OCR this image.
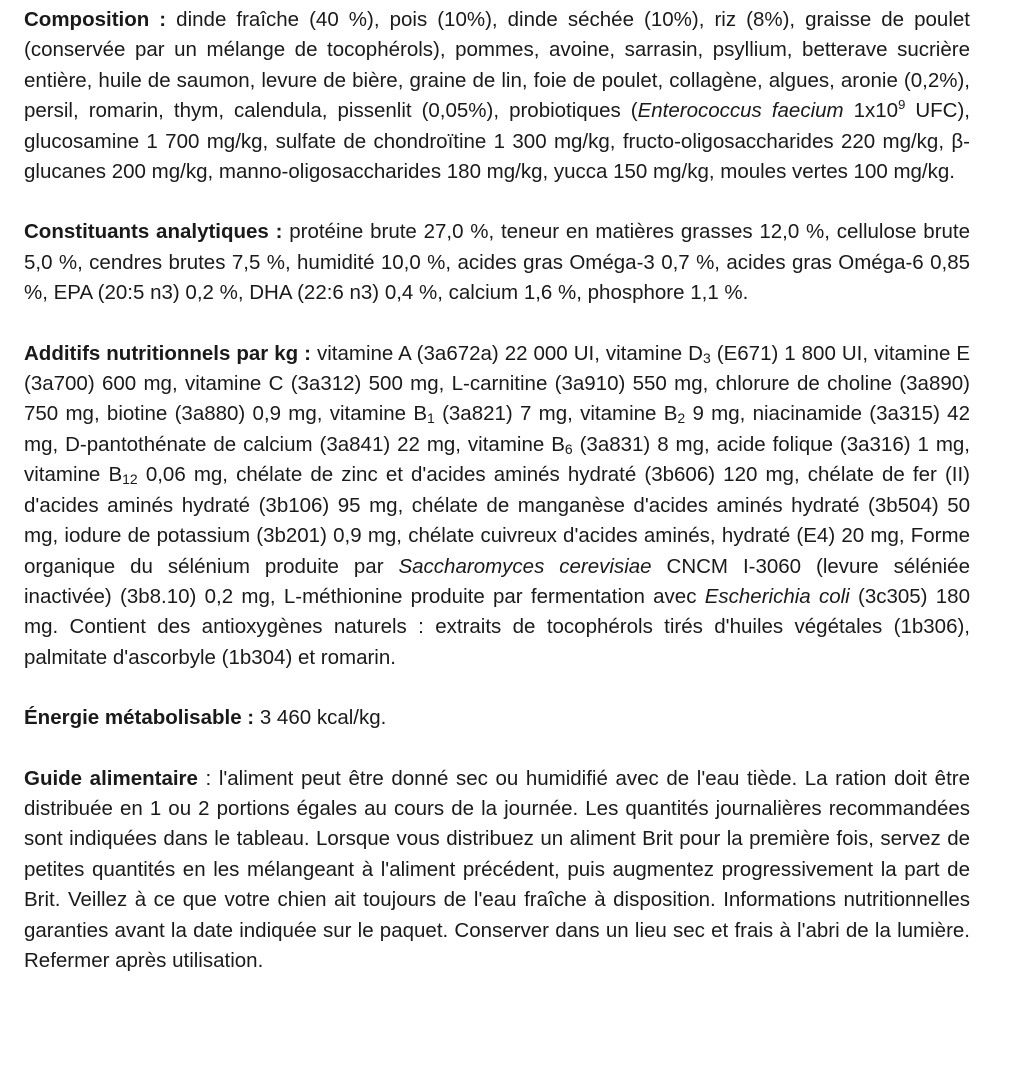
Composition : dinde fraîche (40 %), pois (10%), dinde séchée (10%), riz (8%), graisse de poulet (conservée par un mélange de tocophérols), pommes, avoine, sarrasin, psyllium, betterave sucrière entière, huile de saumon, levure de bière, graine de lin, foie de poulet, collagène, algues, aronie (0,2%), persil, romarin, thym, calendula, pissenlit (0,05%), probiotiques (Enterococcus faecium $1x10^9$ UFC), glucosamine 1 700 mg/kg, sulfate de chondroïtine 1 300 mg/kg, fructo-oligosaccharides 220 mg/kg, β-glucanes 200 mg/kg, manno-oligosaccharides 180 mg/kg, yucca 150 mg/kg, moules vertes 100 mg/kg.

Constituants analytiques : protéine brute 27,0 %, teneur en matières grasses 12,0 %, cellulose brute 5,0 %, cendres brutes 7,5 %, humidité 10,0 %, acides gras Oméga-3 0,7 %, acides gras Oméga-6 0,85 %, EPA (20:5 n3) 0,2 %, DHA (22:6 n3) 0,4 %, calcium 1,6 %, phosphore 1,1 %.

Additifs nutritionnels par kg : vitamine A (3a672a) 22 000 UI, vitamine $D_3$ (E671) 1 800 UI, vitamine E (3a700) 600 mg, vitamine C (3a312) 500 mg, L-carnitine (3a910) 550 mg, chlorure de choline (3a890) 750 mg, biotine (3a880) 0,9 mg, vitamine $B_1$ (3a821) 7 mg, vitamine $B_2$ 9 mg, niacinamide (3a315) 42 mg, D-pantothénate de calcium (3a841) 22 mg, vitamine $B_6$ (3a831) 8 mg, acide folique (3a316) 1 mg, vitamine $B_{12}$ 0,06 mg, chélate de zinc et d'acides aminés hydraté (3b606) 120 mg, chélate de fer (II) d'acides aminés hydraté (3b106) 95 mg, chélate de manganèse d'acides aminés hydraté (3b504) 50 mg, iodure de potassium (3b201) 0,9 mg, chélate cuivreux d'acides aminés, hydraté (E4) 20 mg, Forme organique du sélénium produite par Saccharomyces cerevisiae CNCM I-3060 (levure séléniée inactivée) (3b8.10) 0,2 mg, L-méthionine produite par fermentation avec Escherichia coli (3c305) 180 mg. Contient des antioxygènes naturels : extraits de tocophérols tirés d'huiles végétales (1b306), palmitate d'ascorbyle (1b304) et romarin.

Énergie métabolisable : 3 460 kcal/kg.

Guide alimentaire : l'aliment peut être donné sec ou humidifié avec de l'eau tiède. La ration doit être distribuée en 1 ou 2 portions égales au cours de la journée. Les quantités journalières recommandées sont indiquées dans le tableau. Lorsque vous distribuez un aliment Brit pour la première fois, servez de petites quantités en les mélangeant à l'aliment précédent, puis augmentez progressivement la part de Brit. Veillez à ce que votre chien ait toujours de l'eau fraîche à disposition. Informations nutritionnelles garanties avant la date indiquée sur le paquet. Conserver dans un lieu sec et frais à l'abri de la lumière. Refermer après utilisation.
